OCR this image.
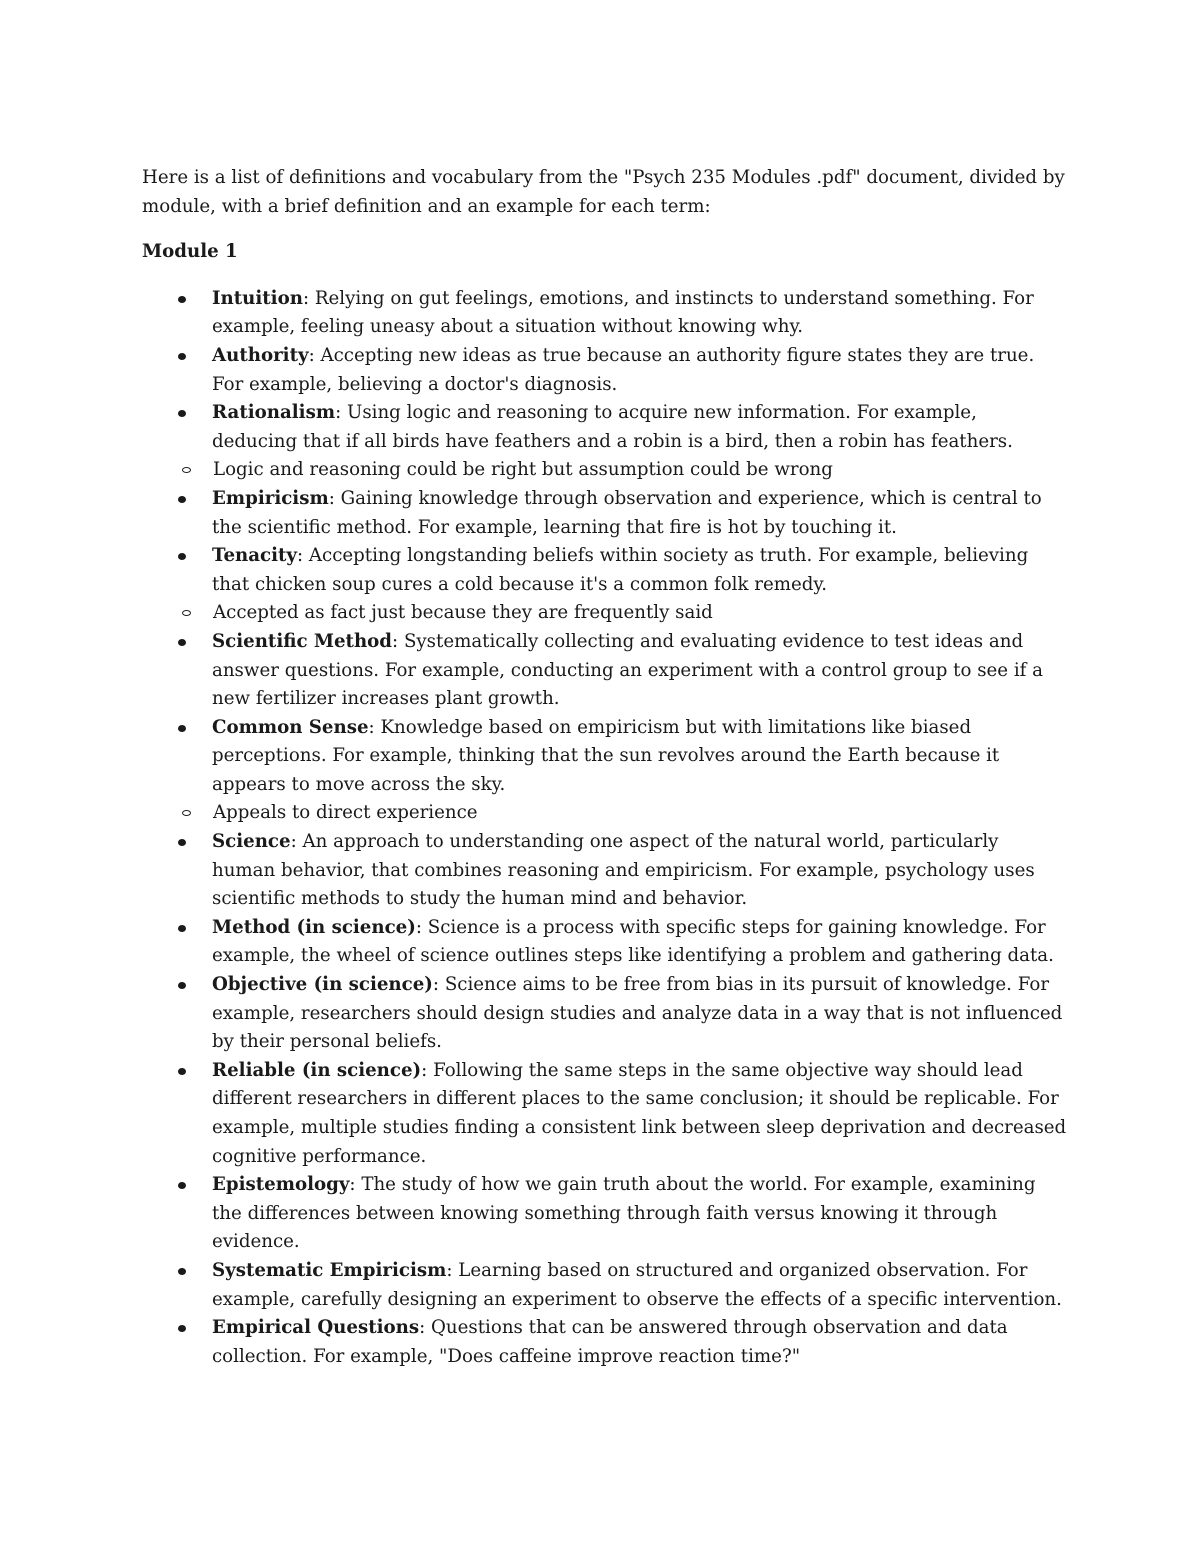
Here is a list of definitions and vocabulary from the "Psych 235 Modules .pdf" document, divided by module, with a brief definition and an example for each term:

Module 1

Intuition: Relying on gut feelings, emotions, and instincts to understand something. For example, feeling uneasy about a situation without knowing why.
Authority: Accepting new ideas as true because an authority figure states they are true. For example, believing a doctor's diagnosis.
Rationalism: Using logic and reasoning to acquire new information. For example, deducing that if all birds have feathers and a robin is a bird, then a robin has feathers.
Logic and reasoning could be right but assumption could be wrong
Empiricism: Gaining knowledge through observation and experience, which is central to the scientific method. For example, learning that fire is hot by touching it.
Tenacity: Accepting longstanding beliefs within society as truth. For example, believing that chicken soup cures a cold because it's a common folk remedy.
Accepted as fact just because they are frequently said
Scientific Method: Systematically collecting and evaluating evidence to test ideas and answer questions. For example, conducting an experiment with a control group to see if a new fertilizer increases plant growth.
Common Sense: Knowledge based on empiricism but with limitations like biased perceptions. For example, thinking that the sun revolves around the Earth because it appears to move across the sky.
Appeals to direct experience
Science: An approach to understanding one aspect of the natural world, particularly human behavior, that combines reasoning and empiricism. For example, psychology uses scientific methods to study the human mind and behavior.
Method (in science): Science is a process with specific steps for gaining knowledge. For example, the wheel of science outlines steps like identifying a problem and gathering data.
Objective (in science): Science aims to be free from bias in its pursuit of knowledge. For example, researchers should design studies and analyze data in a way that is not influenced by their personal beliefs.
Reliable (in science): Following the same steps in the same objective way should lead different researchers in different places to the same conclusion; it should be replicable. For example, multiple studies finding a consistent link between sleep deprivation and decreased cognitive performance.
Epistemology: The study of how we gain truth about the world. For example, examining the differences between knowing something through faith versus knowing it through evidence.
Systematic Empiricism: Learning based on structured and organized observation. For example, carefully designing an experiment to observe the effects of a specific intervention.
Empirical Questions: Questions that can be answered through observation and data collection. For example, "Does caffeine improve reaction time?"
